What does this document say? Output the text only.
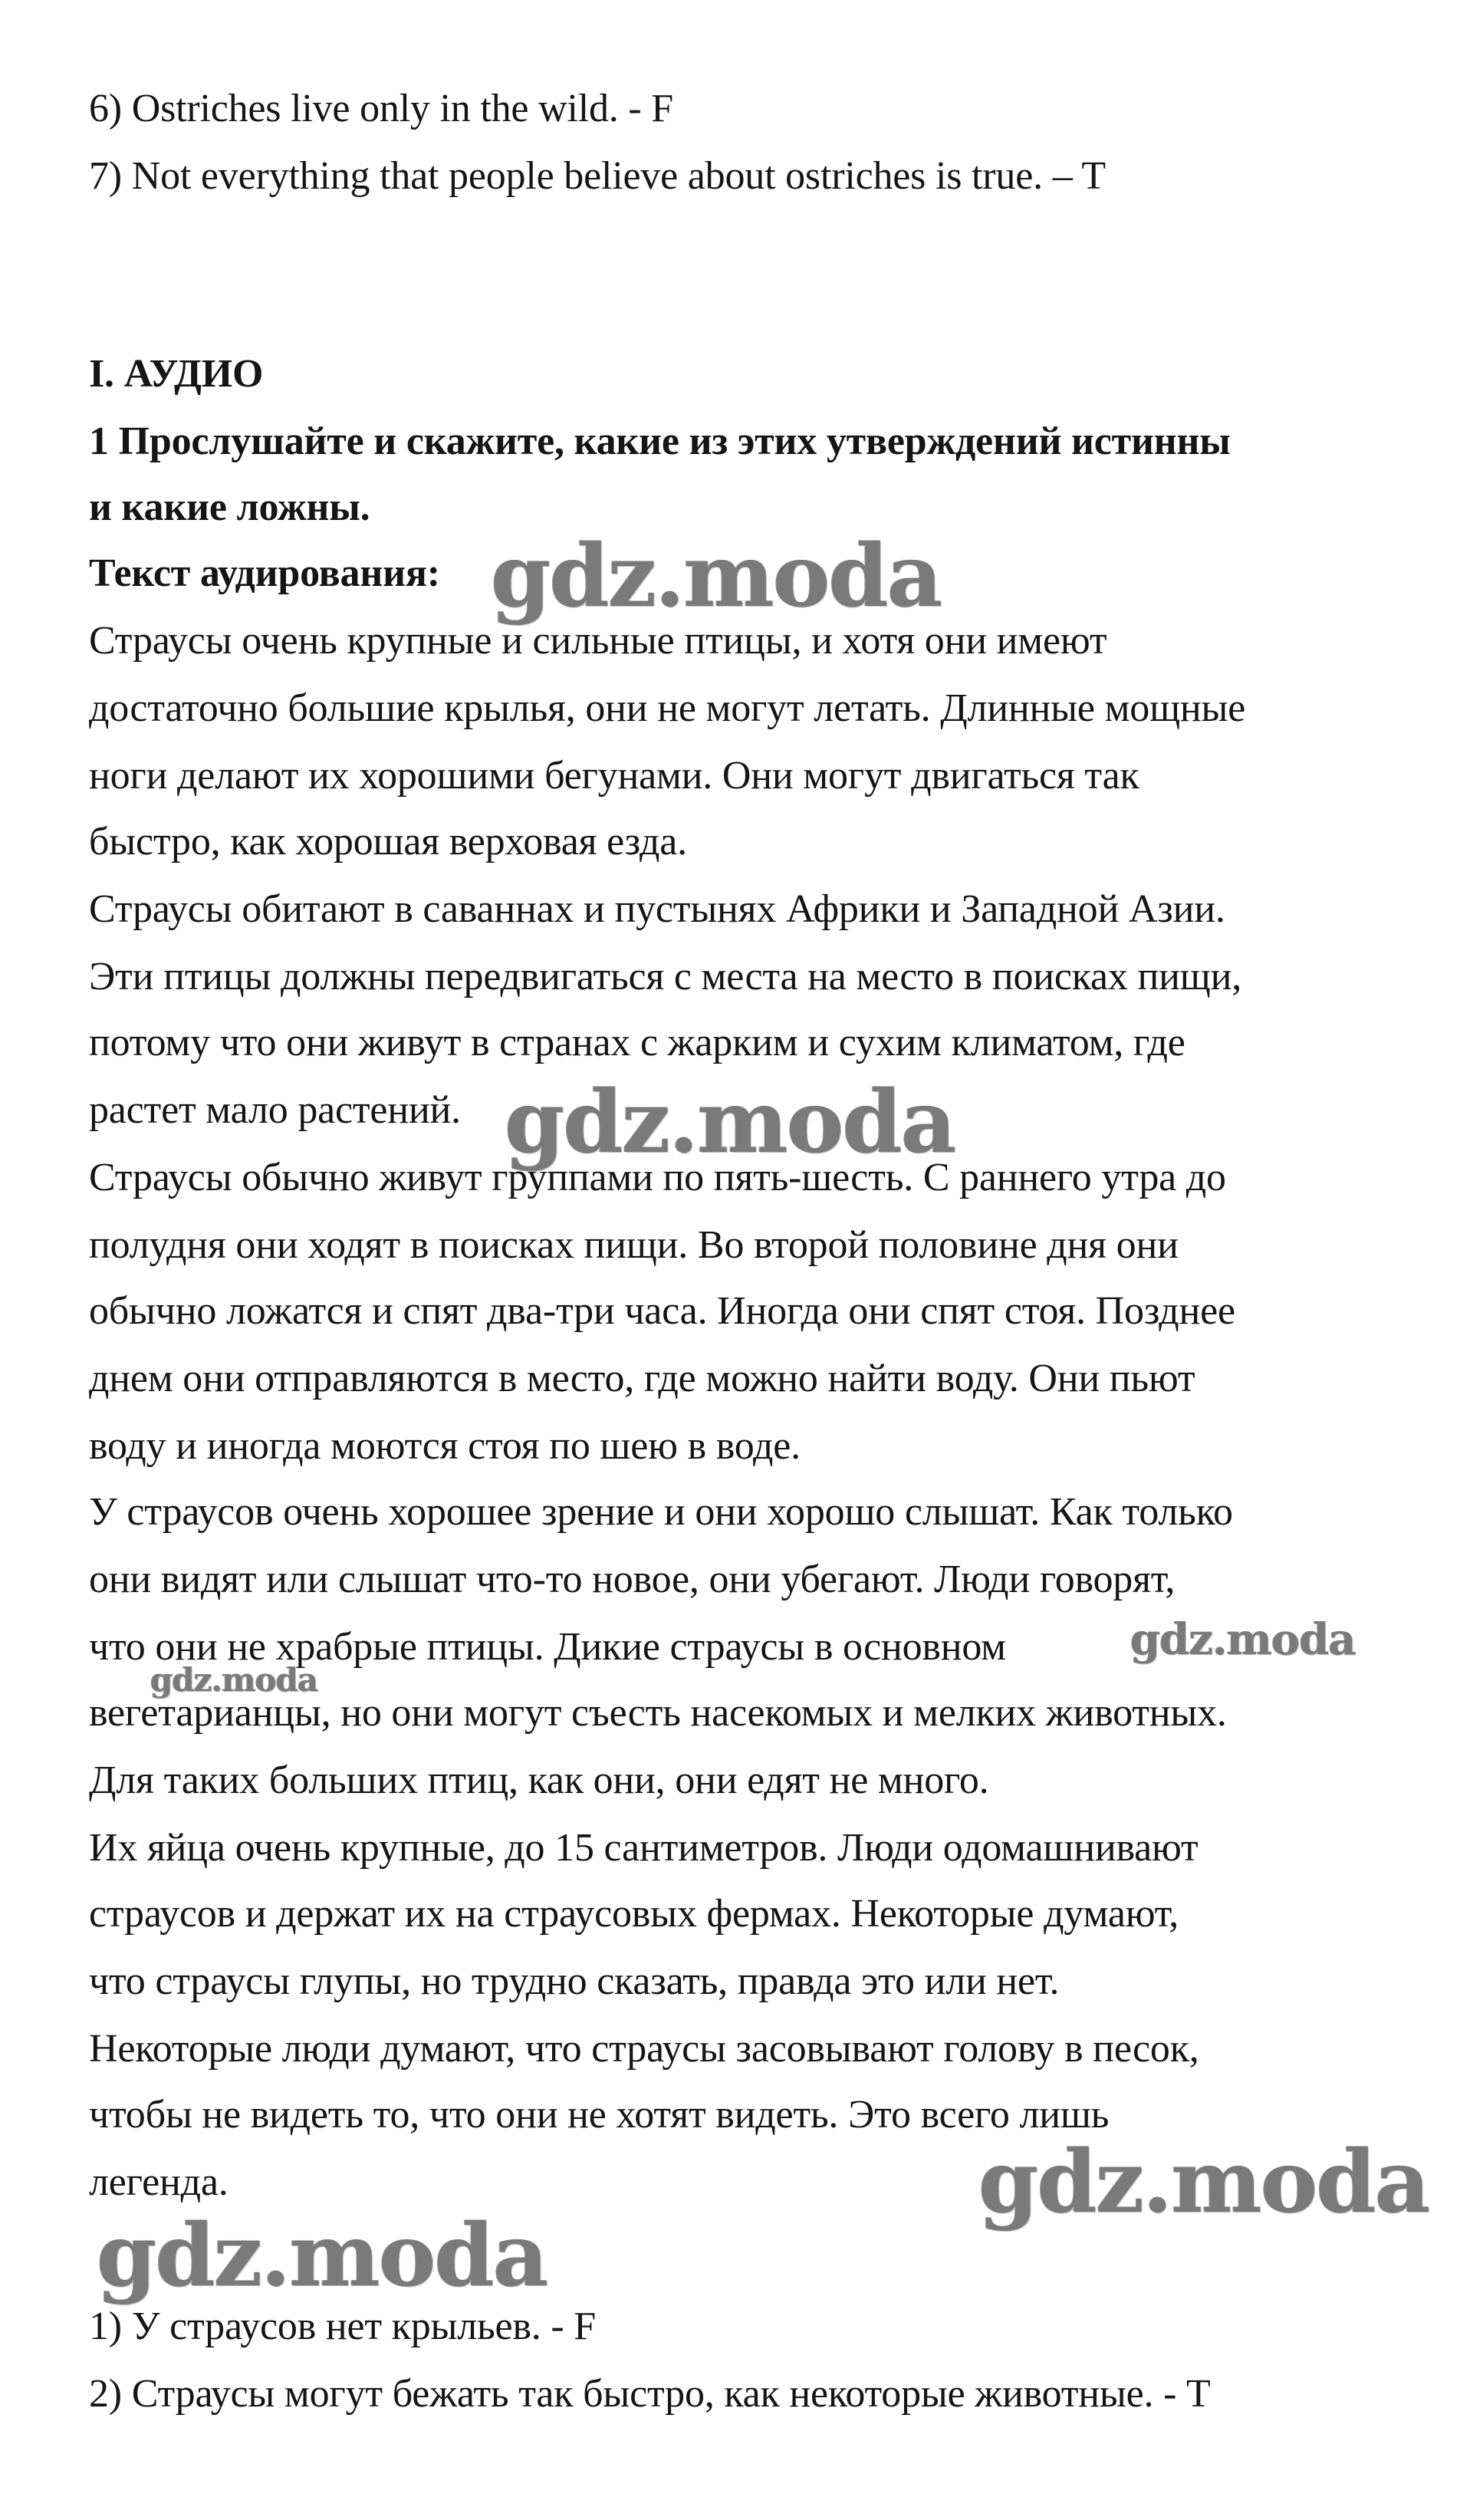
6) Ostriches live only in the wild. - F
7) Not everything that people believe about ostriches is true. – T
I. АУДИО
1 Прослушайте и скажите, какие из этих утверждений истинны
и какие ложны.
Текст аудирования:
Страусы очень крупные и сильные птицы, и хотя они имеют
достаточно большие крылья, они не могут летать. Длинные мощные
ноги делают их хорошими бегунами. Они могут двигаться так
быстро, как хорошая верховая езда.
Страусы обитают в саваннах и пустынях Африки и Западной Азии.
Эти птицы должны передвигаться с места на место в поисках пищи,
потому что они живут в странах с жарким и сухим климатом, где
растет мало растений.
Страусы обычно живут группами по пять-шесть. С раннего утра до
полудня они ходят в поисках пищи. Во второй половине дня они
обычно ложатся и спят два-три часа. Иногда они спят стоя. Позднее
днем они отправляются в место, где можно найти воду. Они пьют
воду и иногда моются стоя по шею в воде.
У страусов очень хорошее зрение и они хорошо слышат. Как только
они видят или слышат что-то новое, они убегают. Люди говорят,
что они не храбрые птицы. Дикие страусы в основном
вегетарианцы, но они могут съесть насекомых и мелких животных.
Для таких больших птиц, как они, они едят не много.
Их яйца очень крупные, до 15 сантиметров. Люди одомашнивают
страусов и держат их на страусовых фермах. Некоторые думают,
что страусы глупы, но трудно сказать, правда это или нет.
Некоторые люди думают, что страусы засовывают голову в песок,
чтобы не видеть то, что они не хотят видеть. Это всего лишь
легенда.
1) У страусов нет крыльев. - F
2) Страусы могут бежать так быстро, как некоторые животные. - T
gdz.moda
gdz.moda
gdz.moda
gdz.moda
gdz.moda
gdz.moda
